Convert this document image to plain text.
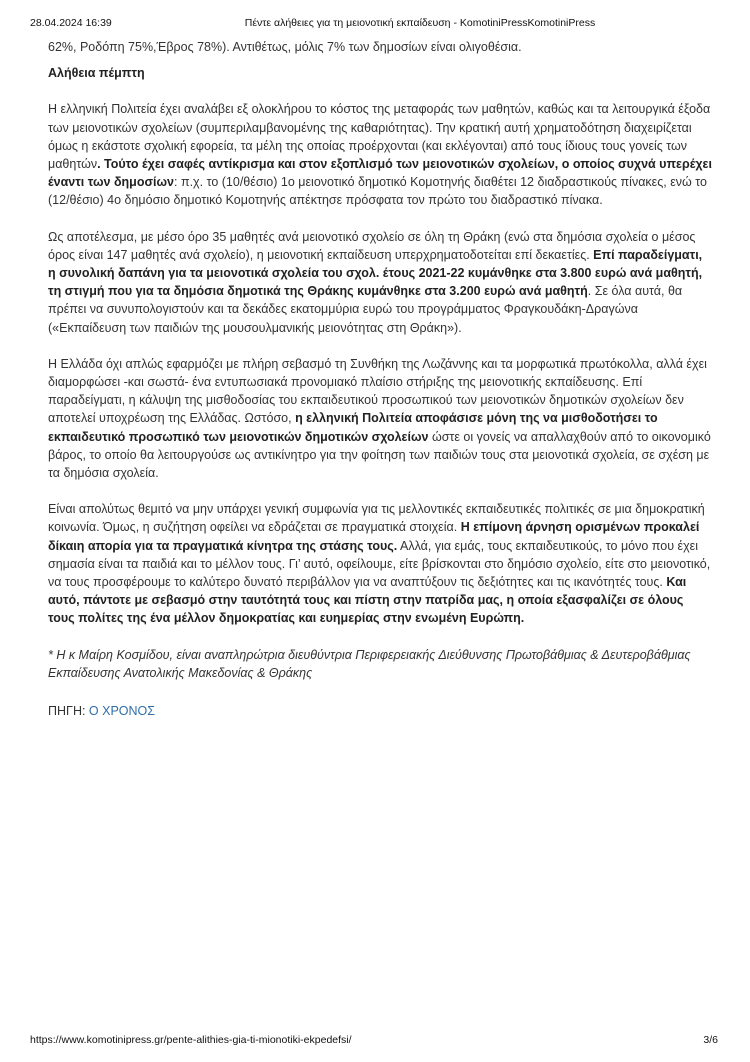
28.04.2024 16:39	Πέντε αλήθειες για τη μειονοτική εκπαίδευση - KomotiniPressKomotiniPress

62%, Ροδόπη 75%,Έβρος 78%). Αντιθέτως, μόλις 7% των δημοσίων είναι ολιγοθέσια.

Αλήθεια πέμπτη

Η ελληνική Πολιτεία έχει αναλάβει εξ ολοκλήρου το κόστος της μεταφοράς των μαθητών, καθώς και τα λειτουργικά έξοδα των μειονοτικών σχολείων (συμπεριλαμβανομένης της καθαριότητας). Την κρατική αυτή χρηματοδότηση διαχειρίζεται όμως η εκάστοτε σχολική εφορεία, τα μέλη της οποίας προέρχονται (και εκλέγονται) από τους ίδιους τους γονείς των μαθητών. Τούτο έχει σαφές αντίκρισμα και στον εξοπλισμό των μειονοτικών σχολείων, ο οποίος συχνά υπερέχει έναντι των δημοσίων: π.χ. το (10/θέσιο) 1ο μειονοτικό δημοτικό Κομοτηνής διαθέτει 12 διαδραστικούς πίνακες, ενώ το (12/θέσιο) 4ο δημόσιο δημοτικό Κομοτηνής απέκτησε πρόσφατα τον πρώτο του διαδραστικό πίνακα.

Ως αποτέλεσμα, με μέσο όρο 35 μαθητές ανά μειονοτικό σχολείο σε όλη τη Θράκη (ενώ στα δημόσια σχολεία ο μέσος όρος είναι 147 μαθητές ανά σχολείο), η μειονοτική εκπαίδευση υπερχρηματοδοτείται επί δεκαετίες. Επί παραδείγματι, η συνολική δαπάνη για τα μειονοτικά σχολεία του σχολ. έτους 2021-22 κυμάνθηκε στα 3.800 ευρώ ανά μαθητή, τη στιγμή που για τα δημόσια δημοτικά της Θράκης κυμάνθηκε στα 3.200 ευρώ ανά μαθητή. Σε όλα αυτά, θα πρέπει να συνυπολογιστούν και τα δεκάδες εκατομμύρια ευρώ του προγράμματος Φραγκουδάκη-Δραγώνα («Εκπαίδευση των παιδιών της μουσουλμανικής μειονότητας στη Θράκη»).

Η Ελλάδα όχι απλώς εφαρμόζει με πλήρη σεβασμό τη Συνθήκη της Λωζάννης και τα μορφωτικά πρωτόκολλα, αλλά έχει διαμορφώσει -και σωστά- ένα εντυπωσιακά προνομιακό πλαίσιο στήριξης της μειονοτικής εκπαίδευσης. Επί παραδείγματι, η κάλυψη της μισθοδοσίας του εκπαιδευτικού προσωπικού των μειονοτικών δημοτικών σχολείων δεν αποτελεί υποχρέωση της Ελλάδας. Ωστόσο, η ελληνική Πολιτεία αποφάσισε μόνη της να μισθοδοτήσει το εκπαιδευτικό προσωπικό των μειονοτικών δημοτικών σχολείων ώστε οι γονείς να απαλλαχθούν από το οικονομικό βάρος, το οποίο θα λειτουργούσε ως αντικίνητρο για την φοίτηση των παιδιών τους στα μειονοτικά σχολεία, σε σχέση με τα δημόσια σχολεία.

Είναι απολύτως θεμιτό να μην υπάρχει γενική συμφωνία για τις μελλοντικές εκπαιδευτικές πολιτικές σε μια δημοκρατική κοινωνία. Όμως, η συζήτηση οφείλει να εδράζεται σε πραγματικά στοιχεία. Η επίμονη άρνηση ορισμένων προκαλεί δίκαιη απορία για τα πραγματικά κίνητρα της στάσης τους. Αλλά, για εμάς, τους εκπαιδευτικούς, το μόνο που έχει σημασία είναι τα παιδιά και το μέλλον τους. Γι’ αυτό, οφείλουμε, είτε βρίσκονται στο δημόσιο σχολείο, είτε στο μειονοτικό, να τους προσφέρουμε το καλύτερο δυνατό περιβάλλον για να αναπτύξουν τις δεξιότητες και τις ικανότητές τους. Και αυτό, πάντοτε με σεβασμό στην ταυτότητά τους και πίστη στην πατρίδα μας, η οποία εξασφαλίζει σε όλους τους πολίτες της ένα μέλλον δημοκρατίας και ευημερίας στην ενωμένη Ευρώπη.

* Η κ Μαίρη Κοσμίδου, είναι αναπληρώτρια διευθύντρια Περιφερειακής Διεύθυνσης Πρωτοβάθμιας & Δευτεροβάθμιας Εκπαίδευσης Ανατολικής Μακεδονίας & Θράκης

ΠΗΓΗ: Ο ΧΡΟΝΟΣ

https://www.komotinipress.gr/pente-alithies-gia-ti-mionotiki-ekpedefsi/	3/6
